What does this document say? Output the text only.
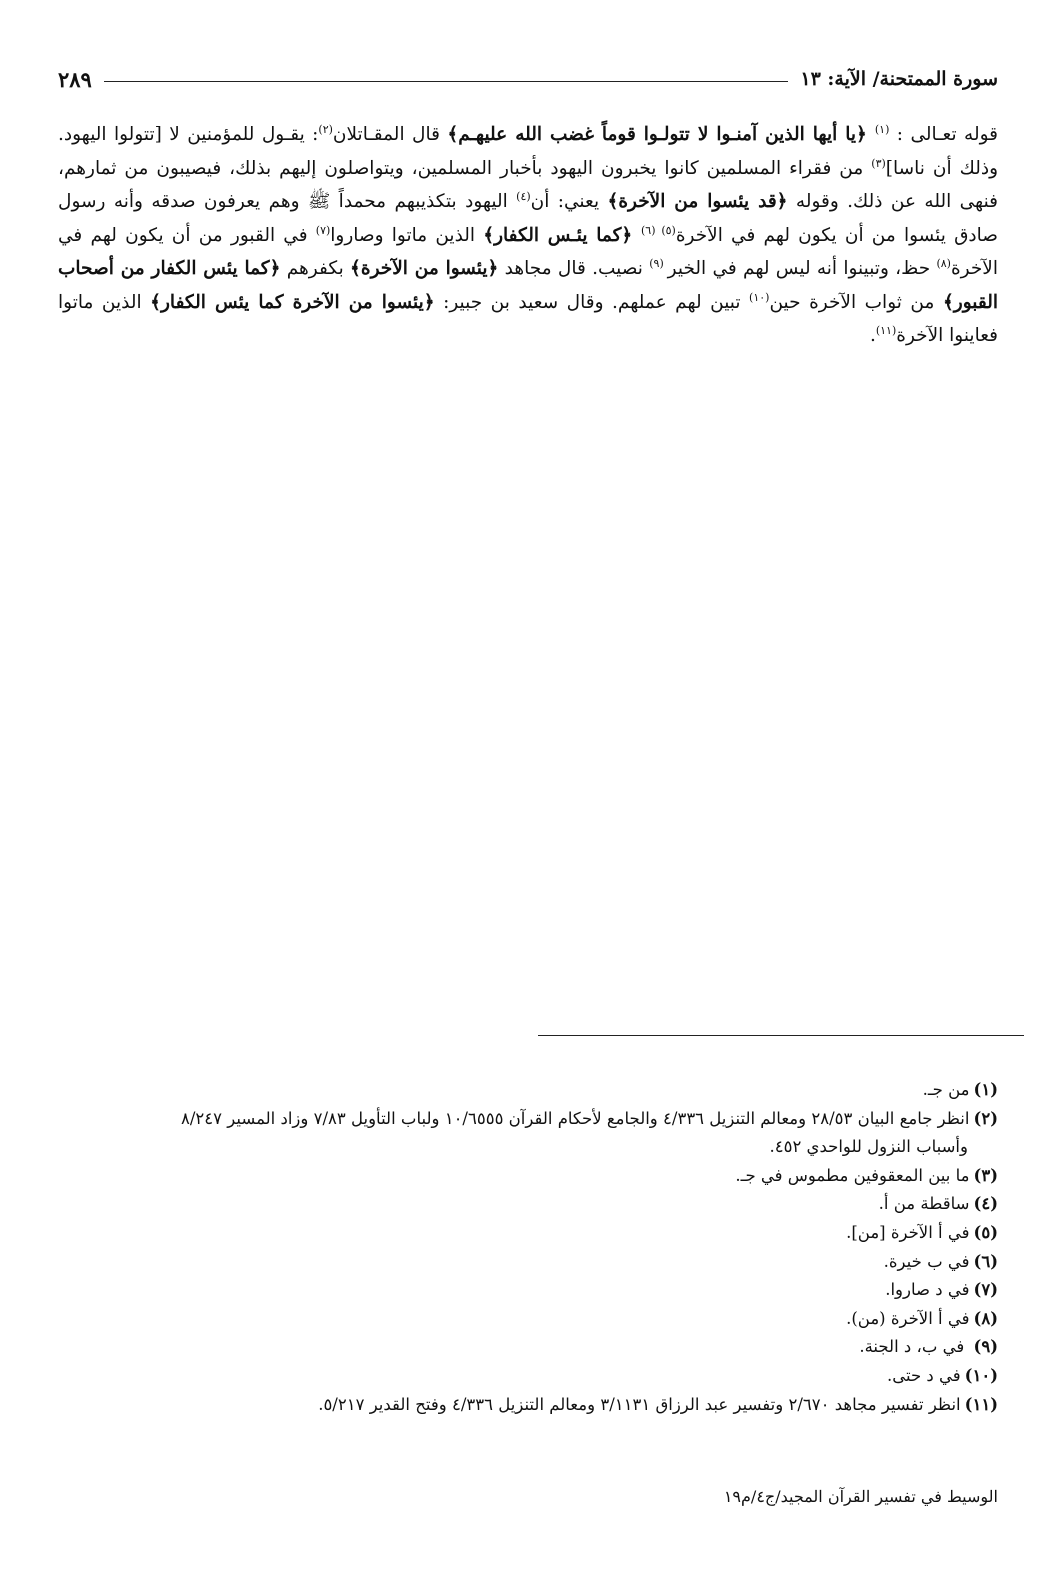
سورة الممتحنة/ الآية: ١٣
٢٨٩
قوله تعـالى : $^{(١)}$ ﴿يا أيها الذين آمنـوا لا تتولـوا قوماً غضب الله عليهـم﴾ قال المقـاتلان$^{(٢)}$: يقـول للمؤمنين لا [تتولوا اليهود. وذلك أن ناسا]$^{(٣)}$ من فقراء المسلمين كانوا يخبرون اليهود بأخبار المسلمين، ويتواصلون إليهم بذلك، فيصيبون من ثمارهم، فنهى الله عن ذلك. وقوله ﴿قد يئسوا من الآخرة﴾ يعني: أن$^{(٤)}$ اليهود بتكذيبهم محمداً ﷺ وهم يعرفون صدقه وأنه رسول صادق يئسوا من أن يكون لهم في الآخرة$^{(٥)}$ $^{(٦)}$ ﴿كما يئـس الكفار﴾ الذين ماتوا وصاروا$^{(٧)}$ في القبور من أن يكون لهم في الآخرة$^{(٨)}$ حظ، وتبينوا أنه ليس لهم في الخير $^{(٩)}$ نصيب. قال مجاهد ﴿يئسوا من الآخرة﴾ بكفرهم ﴿كما يئس الكفار من أصحاب القبور﴾ من ثواب الآخرة حين$^{(١٠)}$ تبين لهم عملهم. وقال سعيد بن جبير: ﴿يئسوا من الآخرة كما يئس الكفار﴾ الذين ماتوا فعاينوا الآخرة$^{(١١)}$.
(١)من جـ.
(٢)انظر جامع البيان ٢٨/٥٣ ومعالم التنزيل ٤/٣٣٦ والجامع لأحكام القرآن ١٠/٦٥٥٥ ولباب التأويل ٧/٨٣ وزاد المسير ٨/٢٤٧
وأسباب النزول للواحدي ٤٥٢.
(٣)ما بين المعقوفين مطموس في جـ.
(٤)ساقطة من أ.
(٥)في أ الآخرة [من].
(٦)في ب خيرة.
(٧)في د صاروا.
(٨)في أ الآخرة (من).
(٩) في ب، د الجنة.
(١٠)في د حتى.
(١١)انظر تفسير مجاهد ٢/٦٧٠ وتفسير عبد الرزاق ٣/١١٣١ ومعالم التنزيل ٤/٣٣٦ وفتح القدير ٥/٢١٧.
الوسيط في تفسير القرآن المجيد/ج٤/م١٩
